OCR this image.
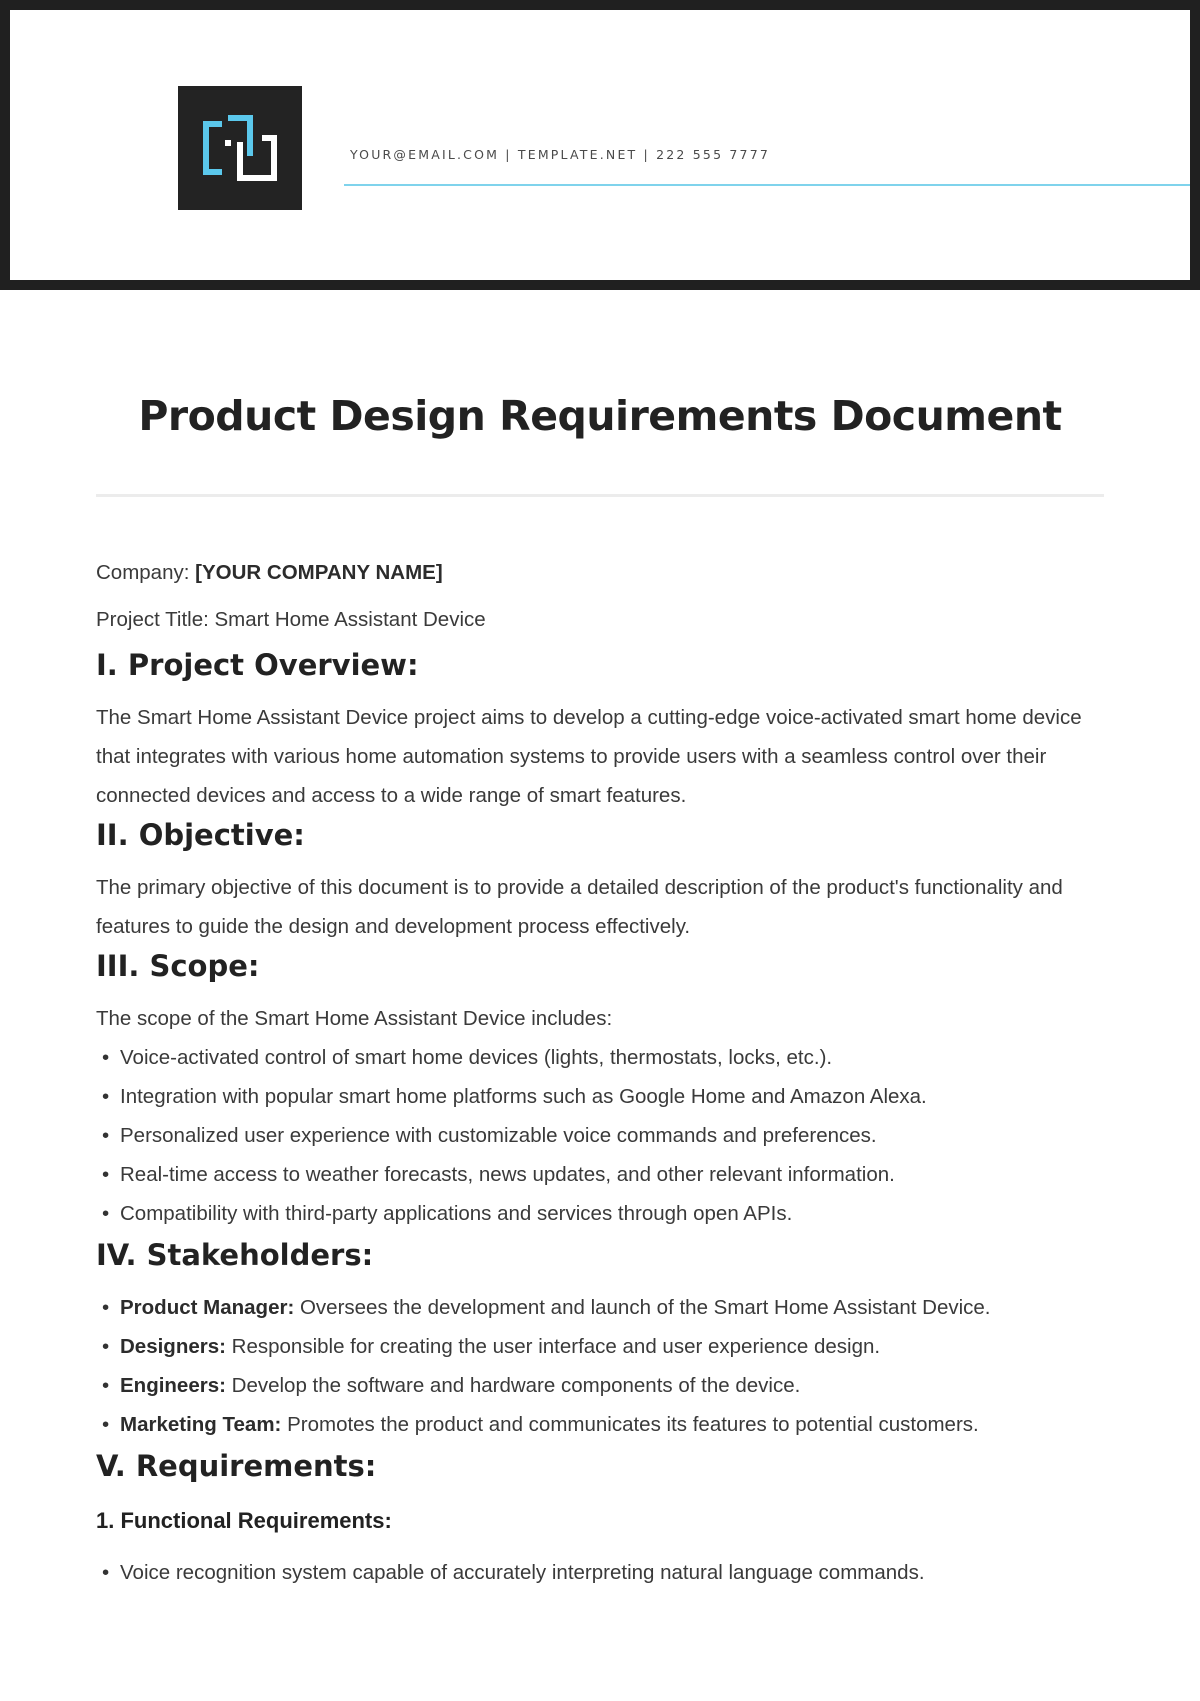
YOUR@EMAIL.COM | TEMPLATE.NET | 222 555 7777
Product Design Requirements Document

Company: [YOUR COMPANY NAME]

Project Title: Smart Home Assistant Device

I. Project Overview:

The Smart Home Assistant Device project aims to develop a cutting-edge voice-activated smart home device that integrates with various home automation systems to provide users with a seamless control over their connected devices and access to a wide range of smart features.

II. Objective:

The primary objective of this document is to provide a detailed description of the product's functionality and features to guide the design and development process effectively.

III. Scope:

The scope of the Smart Home Assistant Device includes:

• Voice-activated control of smart home devices (lights, thermostats, locks, etc.).
• Integration with popular smart home platforms such as Google Home and Amazon Alexa.
• Personalized user experience with customizable voice commands and preferences.
• Real-time access to weather forecasts, news updates, and other relevant information.
• Compatibility with third-party applications and services through open APIs.
IV. Stakeholders:
• Product Manager: Oversees the development and launch of the Smart Home Assistant Device.
• Designers: Responsible for creating the user interface and user experience design.
• Engineers: Develop the software and hardware components of the device.
• Marketing Team: Promotes the product and communicates its features to potential customers.
V. Requirements:
1. Functional Requirements:
• Voice recognition system capable of accurately interpreting natural language commands.
